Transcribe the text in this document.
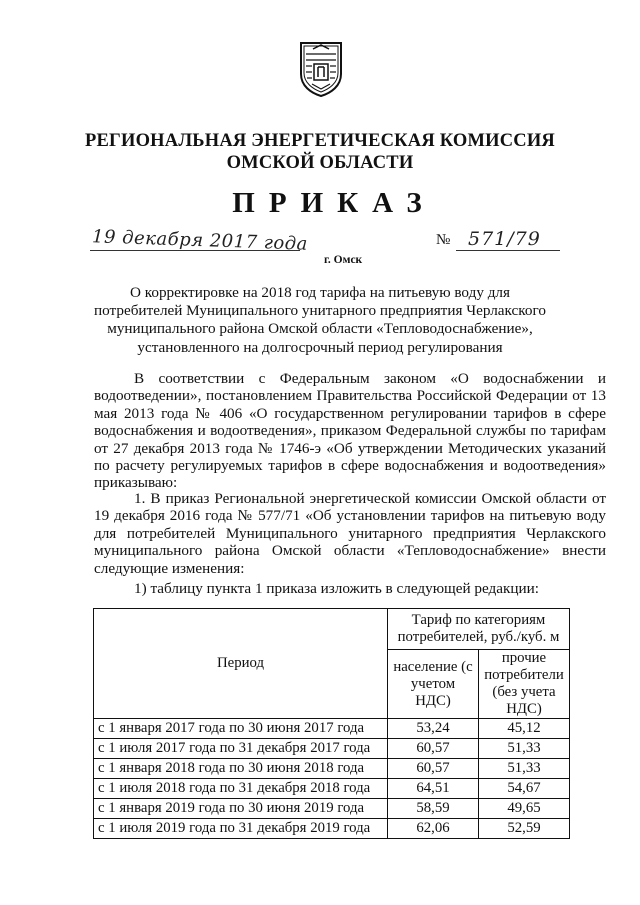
РЕГИОНАЛЬНАЯ ЭНЕРГЕТИЧЕСКАЯ КОМИССИЯ
ОМСКОЙ ОБЛАСТИ
ПРИКАЗ
19 декабря 2017 года	№ 571/79
г. Омск
О корректировке на 2018 год тарифа на питьевую воду для потребителей Муниципального унитарного предприятия Черлакского муниципального района Омской области «Тепловодоснабжение», установленного на долгосрочный период регулирования
В соответствии с Федеральным законом «О водоснабжении и водоотведении», постановлением Правительства Российской Федерации от 13 мая 2013 года № 406 «О государственном регулировании тарифов в сфере водоснабжения и водоотведения», приказом Федеральной службы по тарифам от 27 декабря 2013 года № 1746-э «Об утверждении Методических указаний по расчету регулируемых тарифов в сфере водоснабжения и водоотведения» приказываю:
1. В приказ Региональной энергетической комиссии Омской области от 19 декабря 2016 года № 577/71 «Об установлении тарифов на питьевую воду для потребителей Муниципального унитарного предприятия Черлакского муниципального района Омской области «Тепловодоснабжение» внести следующие изменения:
1) таблицу пункта 1 приказа изложить в следующей редакции:
Период	Тариф по категориям потребителей, руб./куб. м	
	население (с учетом НДС)	прочие потребители (без учета НДС)
с 1 января 2017 года по 30 июня 2017 года	53,24	45,12
с 1 июля 2017 года по 31 декабря 2017 года	60,57	51,33
с 1 января 2018 года по 30 июня 2018 года	60,57	51,33
с 1 июля 2018 года по 31 декабря 2018 года	64,51	54,67
с 1 января 2019 года по 30 июня 2019 года	58,59	49,65
с 1 июля 2019 года по 31 декабря 2019 года	62,06	52,59
